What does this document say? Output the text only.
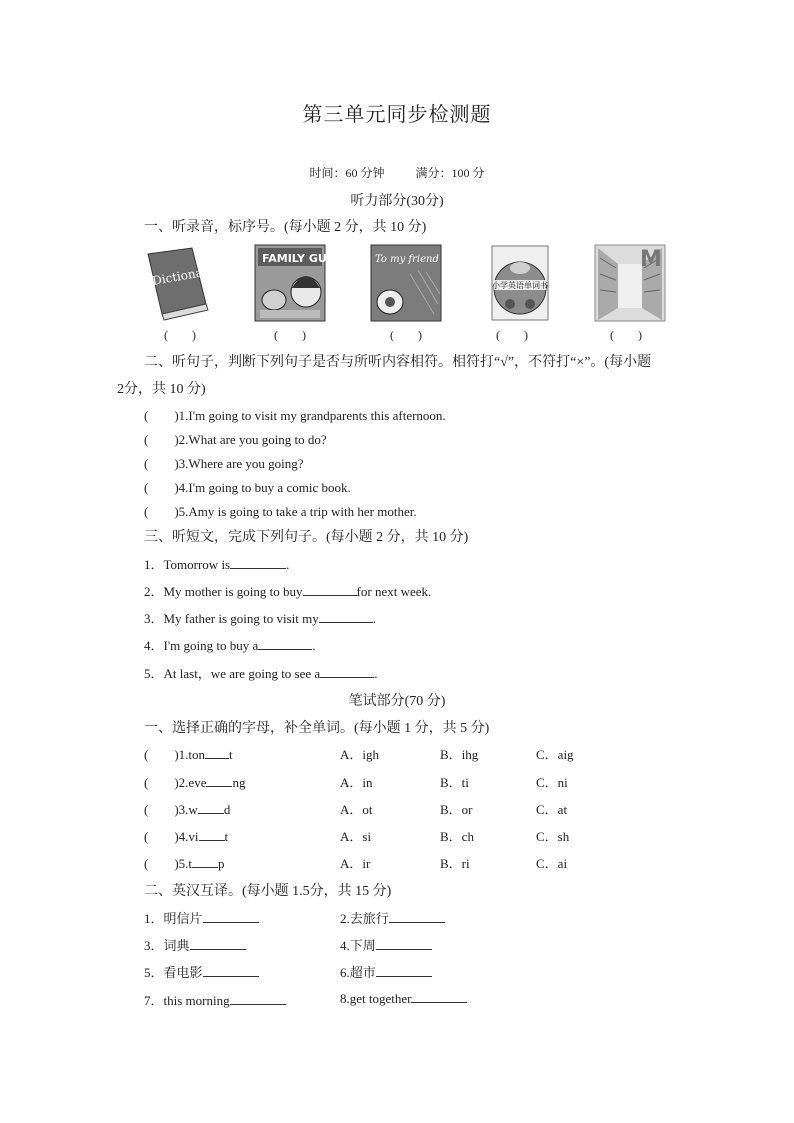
第三单元同步检测题
时间：60 分钟	满分：100 分
听力部分(30分)
一、听录音，标序号。(每小题 2 分，共 10 分)
Dictionary
FAMILY GUY	To my friend
小学英语单词书
M
(　　)	(　　)	(　　)	(　　)	(　　)
二、听句子，判断下列句子是否与所听内容相符。相符打“√”，不符打“×”。(每小题
2分，共 10 分)
(　　)1.I'm going to visit my grandparents this afternoon.
(　　)2.What are you going to do?
(　　)3.Where are you going?
(　　)4.I'm going to buy a comic book.
(　　)5.Amy is going to take a trip with her mother.
三、听短文，完成下列句子。(每小题 2 分，共 10 分)
1．Tomorrow is	.
2．My mother is going to buy	for next week.
3．My father is going to visit my	.
4．I'm going to buy a	.
5．At last，we are going to see a	.
笔试部分(70 分)
一、选择正确的字母，补全单词。(每小题 1 分，共 5 分)
(　　)1.ton t	A．igh	B．ihg	C．aig
(　　)2.eve ng	A．in	B．ti	C．ni
(　　)3.w d	A．ot	B．or	C．at
(　　)4.vi t	A．si	B．ch	C．sh
(　　)5.t p	A．ir	B．ri	C．ai
二、英汉互译。(每小题 1.5分，共 15 分)
1．明信片	2.去旅行
3．词典	4.下周
5．看电影	6.超市
7．this morning	8.get together
